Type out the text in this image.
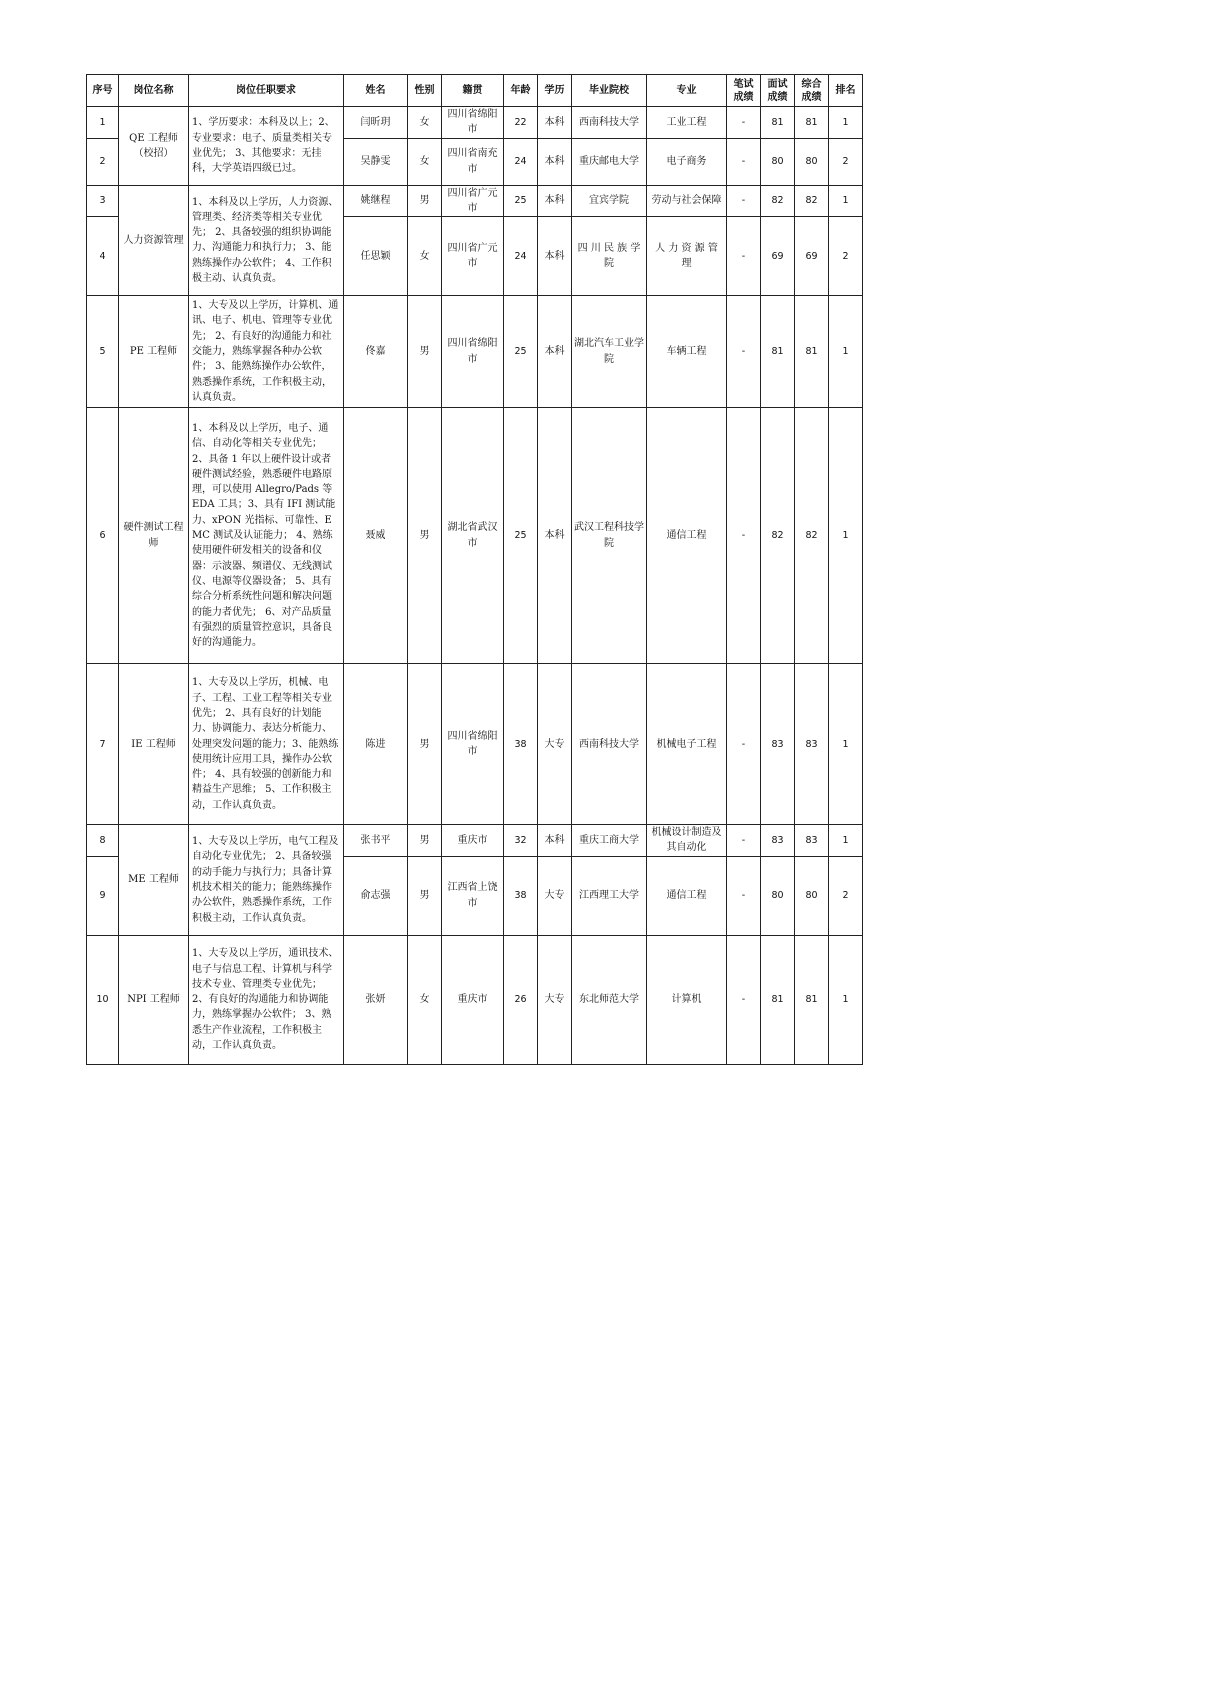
序号	岗位名称	岗位任职要求	姓名	性别	籍贯	年龄	学历	毕业院校	专业	笔试成绩	面试成绩	综合成绩	排名
1	QE 工程师（校招）	1、学历要求：本科及以上；2、专业要求：电子、质量类相关专业优先； 3、其他要求：无挂科，大学英语四级已过。	闫昕玥	女	四川省绵阳市	22	本科	西南科技大学	工业工程	-	81	81	1
2			吴静雯	女	四川省南充市	24	本科	重庆邮电大学	电子商务	-	80	80	2
3	人力资源管理	1、本科及以上学历，人力资源、管理类、经济类等相关专业优先； 2、具备较强的组织协调能力、沟通能力和执行力； 3、能熟练操作办公软件； 4、工作积极主动、认真负责。	姚继程	男	四川省广元市	25	本科	宜宾学院	劳动与社会保障	-	82	82	1
4			任思颖	女	四川省广元市	24	本科	四 川 民 族 学 院	人 力 资 源 管 理	-	69	69	2
5	PE 工程师	1、大专及以上学历，计算机、通讯、电子、机电、管理等专业优先； 2、有良好的沟通能力和社交能力，熟练掌握各种办公软件； 3、能熟练操作办公软件，熟悉操作系统，工作积极主动，认真负责。	佟嘉	男	四川省绵阳市	25	本科	湖北汽车工业学院	车辆工程	-	81	81	1
6	硬件测试工程师	1、本科及以上学历，电子、通信、自动化等相关专业优先； 2、具备 1 年以上硬件设计或者硬件测试经验，熟悉硬件电路原理，可以使用 Allegro/Pads 等 EDA 工具；3、具有 IFI 测试能力、xPON 光指标、可靠性、EMC 测试及认证能力； 4、熟练使用硬件研发相关的设备和仪器：示波器、频谱仪、无线测试仪、电源等仪器设备； 5、具有综合分析系统性问题和解决问题的能力者优先； 6、对产品质量有强烈的质量管控意识，具备良好的沟通能力。	聂威	男	湖北省武汉市	25	本科	武汉工程科技学院	通信工程	-	82	82	1
7	IE 工程师	1、大专及以上学历，机械、电子、工程、工业工程等相关专业优先； 2、具有良好的计划能力、协调能力、表达分析能力、处理突发问题的能力；3、能熟练使用统计应用工具，操作办公软件； 4、具有较强的创新能力和精益生产思维； 5、工作积极主动，工作认真负责。	陈进	男	四川省绵阳市	38	大专	西南科技大学	机械电子工程	-	83	83	1
8	ME 工程师	1、大专及以上学历，电气工程及自动化专业优先； 2、具备较强的动手能力与执行力；具备计算机技术相关的能力；能熟练操作办公软件，熟悉操作系统，工作积极主动，工作认真负责。	张书平	男	重庆市	32	本科	重庆工商大学	机械设计制造及其自动化	-	83	83	1
9			俞志强	男	江西省上饶市	38	大专	江西理工大学	通信工程	-	80	80	2
10	NPI 工程师	1、大专及以上学历，通讯技术、电子与信息工程、计算机与科学技术专业、管理类专业优先； 2、有良好的沟通能力和协调能力，熟练掌握办公软件； 3、熟悉生产作业流程，工作积极主动，工作认真负责。	张妍	女	重庆市	26	大专	东北师范大学	计算机	-	81	81	1
